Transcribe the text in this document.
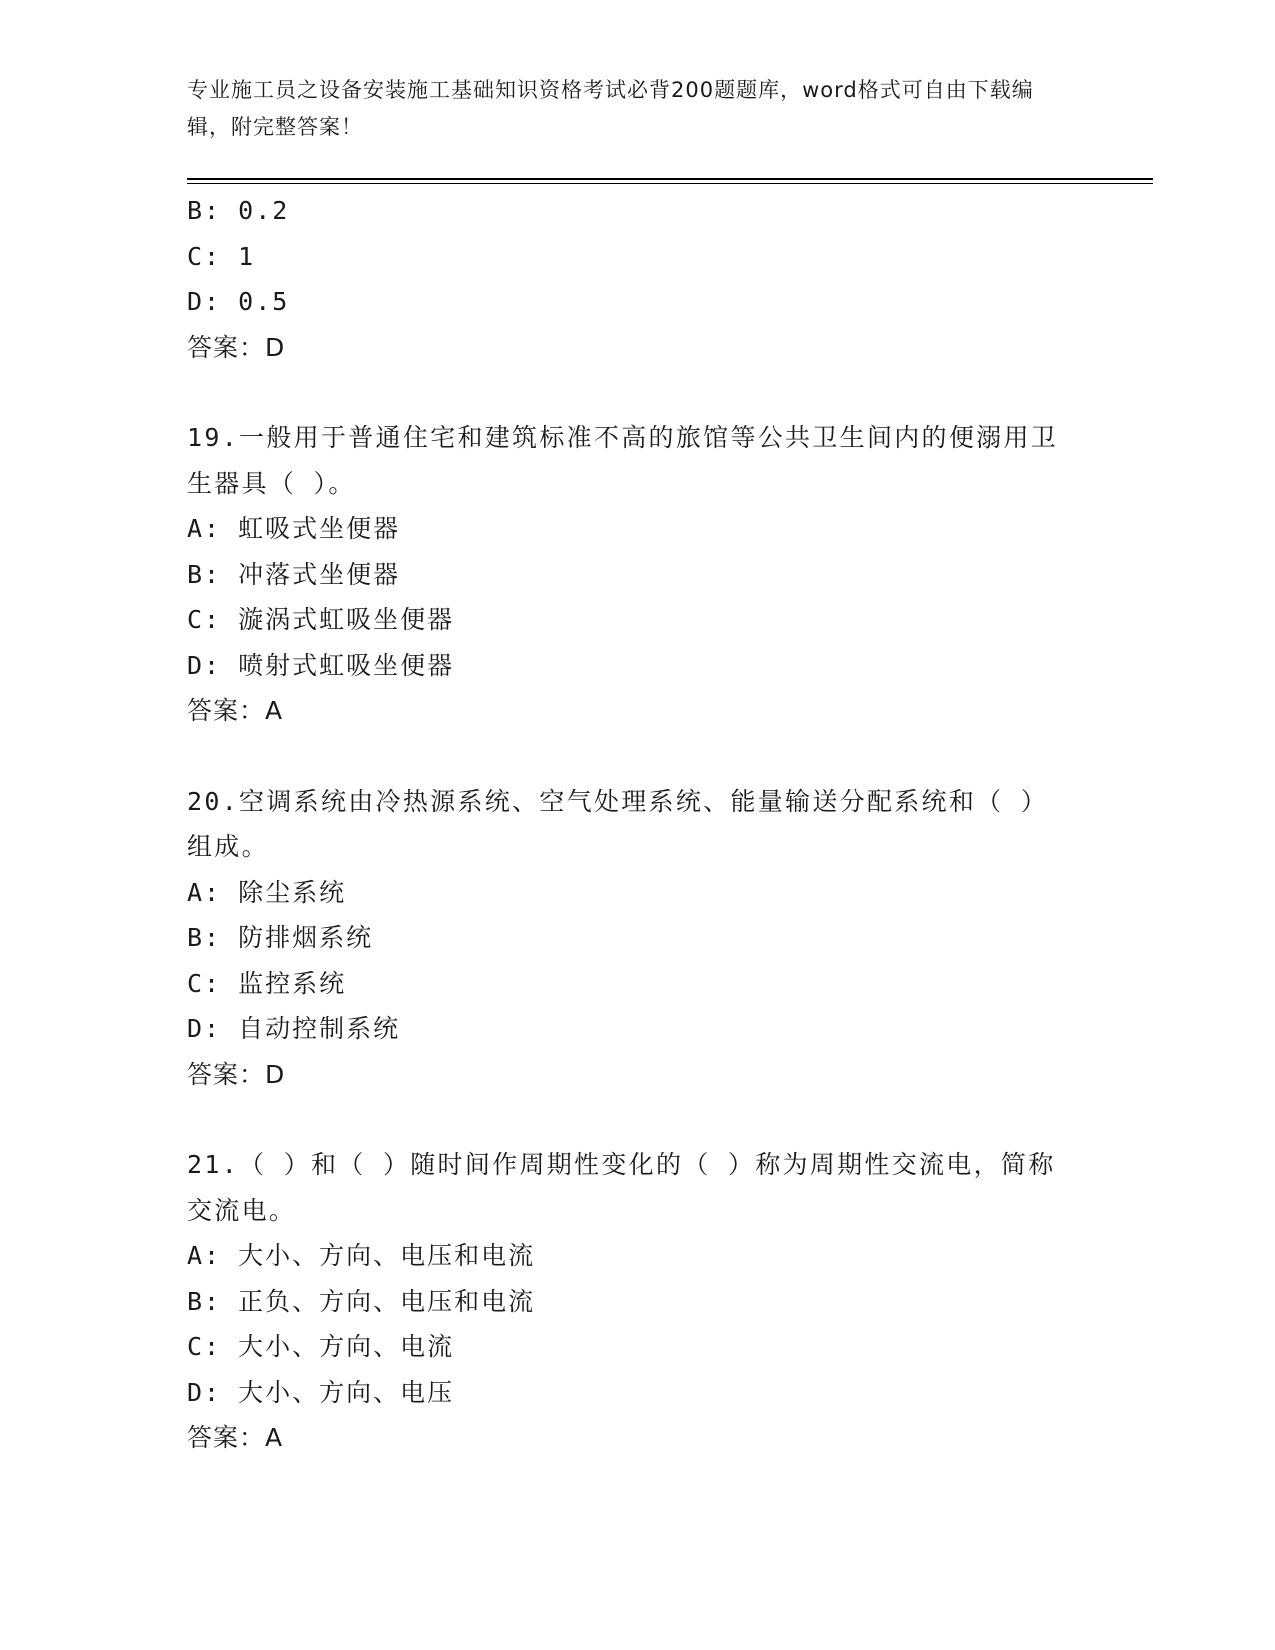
专业施工员之设备安装施工基础知识资格考试必背200题题库，word格式可自由下载编辑，附完整答案！
B: 0.2
C: 1
D: 0.5
答案：D
19.一般用于普通住宅和建筑标准不高的旅馆等公共卫生间内的便溺用卫生器具（ ）。
A: 虹吸式坐便器
B: 冲落式坐便器
C: 漩涡式虹吸坐便器
D: 喷射式虹吸坐便器
答案：A
20.空调系统由冷热源系统、空气处理系统、能量输送分配系统和（ ）组成。
A: 除尘系统
B: 防排烟系统
C: 监控系统
D: 自动控制系统
答案：D
21.（ ）和（ ）随时间作周期性变化的（ ）称为周期性交流电，简称交流电。
A: 大小、方向、电压和电流
B: 正负、方向、电压和电流
C: 大小、方向、电流
D: 大小、方向、电压
答案：A
